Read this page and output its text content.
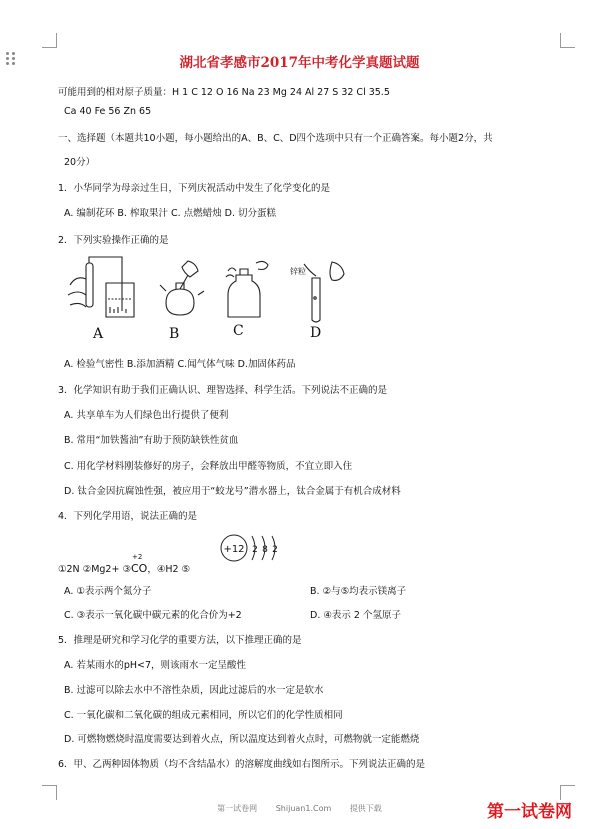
湖北省孝感市2017年中考化学真题试题
可能用到的相对原子质量：H 1 C 12 O 16 Na 23 Mg 24 Al 27 S 32 Cl 35.5
Ca 40 Fe 56 Zn 65
一、选择题（本题共10小题，每小题给出的A、B、C、D四个选项中只有一个正确答案。每小题2分，共
20分）
1．小华同学为母亲过生日，下列庆祝活动中发生了化学变化的是
A. 编制花环 B. 榨取果汁 C. 点燃蜡烛 D. 切分蛋糕
2．下列实验操作正确的是
A	B	C
锌粒
D
A. 检验气密性 B.添加酒精 C.闻气体气味 D.加固体药品
3．化学知识有助于我们正确认识、理智选择、科学生活。下列说法不正确的是
A. 共享单车为人们绿色出行提供了便利
B. 常用“加铁酱油”有助于预防缺铁性贫血
C. 用化学材料刚装修好的房子，会释放出甲醛等物质，不宜立即入住
D. 钛合金因抗腐蚀性强，被应用于“蛟龙号”潜水器上，钛合金属于有机合成材料
4．下列化学用语，说法正确的是
+12 2 8 2
①2N ②Mg2+ ③
+2
CO，④H2 ⑤
A. ①表示两个氮分子	B. ②与⑤均表示镁离子
C. ③表示一氧化碳中碳元素的化合价为+2	D. ④表示 2 个氢原子
5．推理是研究和学习化学的重要方法，以下推理正确的是
A. 若某雨水的pH<7，则该雨水一定呈酸性
B. 过滤可以除去水中不溶性杂质，因此过滤后的水一定是软水
C. 一氧化碳和二氧化碳的组成元素相同，所以它们的化学性质相同
D. 可燃物燃烧时温度需要达到着火点，所以温度达到着火点时，可燃物就一定能燃烧
6．甲、乙两种固体物质（均不含结晶水）的溶解度曲线如右图所示。下列说法正确的是
第一试卷网 Shijuan1.Com 提供下载	第一试卷网
